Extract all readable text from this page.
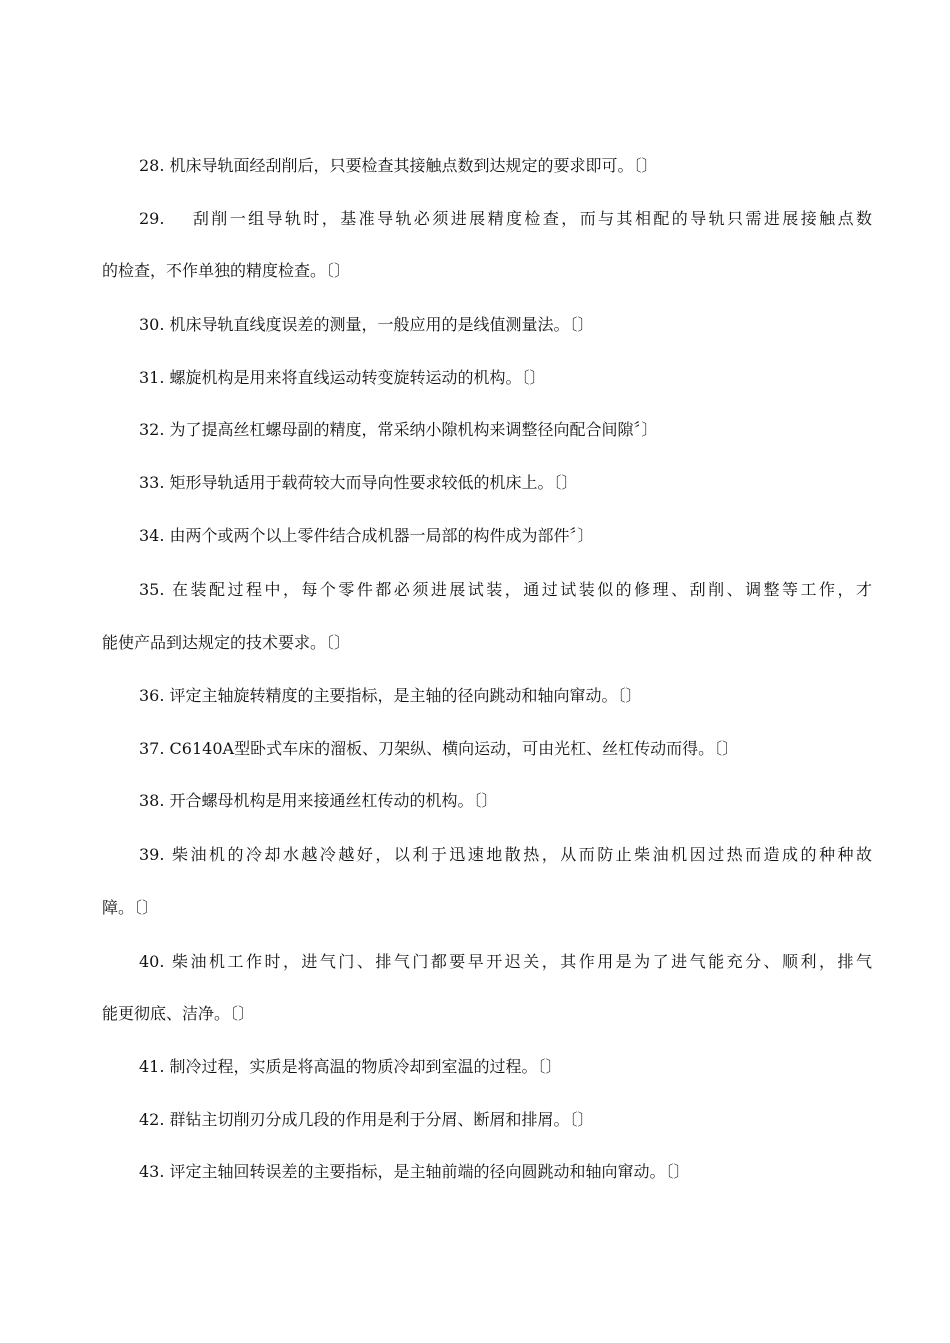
28. 机床导轨面经刮削后，只要检查其接触点数到达规定的要求即可。〔〕
29. 刮削一组导轨时，基准导轨必须进展精度检查，而与其相配的导轨只需进展接触点数
的检查，不作单独的精度检查。〔〕
30. 机床导轨直线度误差的测量，一般应用的是线值测量法。〔〕
31. 螺旋机构是用来将直线运动转变旋转运动的机构。〔〕
32. 为了提高丝杠螺母副的精度，常采纳小隙机构来调整径向配合间隙〞〕
33. 矩形导轨适用于载荷较大而导向性要求较低的机床上。〔〕
34. 由两个或两个以上零件结合成机器一局部的构件成为部件〞〕
35. 在装配过程中，每个零件都必须进展试装，通过试装似的修理、刮削、调整等工作，才
能使产品到达规定的技术要求。〔〕
36. 评定主轴旋转精度的主要指标，是主轴的径向跳动和轴向窜动。〔〕
37. C6140A型卧式车床的溜板、刀架纵、横向运动，可由光杠、丝杠传动而得。〔〕
38. 开合螺母机构是用来接通丝杠传动的机构。〔〕
39. 柴油机的冷却水越冷越好，以利于迅速地散热，从而防止柴油机因过热而造成的种种故
障。〔〕
40. 柴油机工作时，进气门、排气门都要早开迟关，其作用是为了进气能充分、顺利，排气
能更彻底、洁净。〔〕
41. 制冷过程，实质是将高温的物质冷却到室温的过程。〔〕
42. 群钻主切削刃分成几段的作用是利于分屑、断屑和排屑。〔〕
43. 评定主轴回转误差的主要指标，是主轴前端的径向圆跳动和轴向窜动。〔〕
